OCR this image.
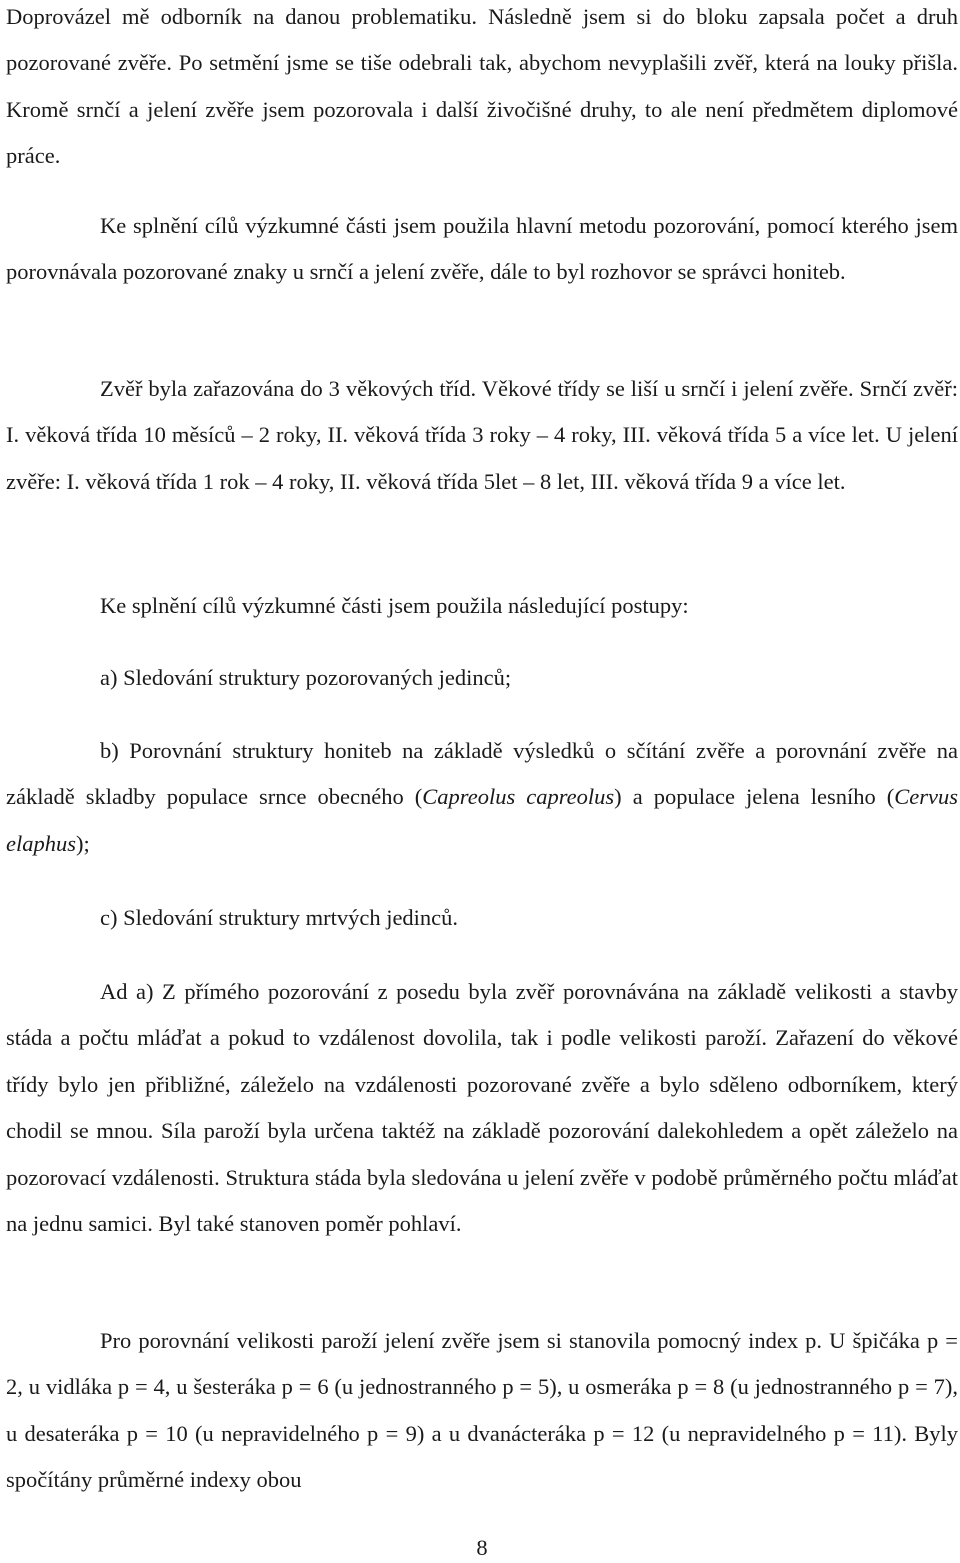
Doprovázel mě odborník na danou problematiku. Následně jsem si do bloku zapsala počet a druh pozorované zvěře. Po setmění jsme se tiše odebrali tak, abychom nevyplašili zvěř, která na louky přišla. Kromě srnčí a jelení zvěře jsem pozorovala i další živočišné druhy, to ale není předmětem diplomové práce.

Ke splnění cílů výzkumné části jsem použila hlavní metodu pozorování, pomocí kterého jsem porovnávala pozorované znaky u srnčí a jelení zvěře, dále to byl rozhovor se správci honiteb.

Zvěř byla zařazována do 3 věkových tříd. Věkové třídy se liší u srnčí i jelení zvěře. Srnčí zvěř: I. věková třída 10 měsíců – 2 roky, II. věková třída 3 roky – 4 roky, III. věková třída 5 a více let. U jelení zvěře: I. věková třída 1 rok – 4 roky, II. věková třída 5let – 8 let, III. věková třída 9 a více let.

Ke splnění cílů výzkumné části jsem použila následující postupy:

a) Sledování struktury pozorovaných jedinců;

b) Porovnání struktury honiteb na základě výsledků o sčítání zvěře a porovnání zvěře na základě skladby populace srnce obecného (Capreolus capreolus) a populace jelena lesního (Cervus elaphus);

c) Sledování struktury mrtvých jedinců.

Ad a) Z přímého pozorování z posedu byla zvěř porovnávána na základě velikosti a stavby stáda a počtu mláďat a pokud to vzdálenost dovolila, tak i podle velikosti paroží. Zařazení do věkové třídy bylo jen přibližné, záleželo na vzdálenosti pozorované zvěře a bylo sděleno odborníkem, který chodil se mnou. Síla paroží byla určena taktéž na základě pozorování dalekohledem a opět záleželo na pozorovací vzdálenosti. Struktura stáda byla sledována u jelení zvěře v podobě průměrného počtu mláďat na jednu samici. Byl také stanoven poměr pohlaví.

Pro porovnání velikosti paroží jelení zvěře jsem si stanovila pomocný index p. U špičáka p = 2, u vidláka p = 4, u šesteráka p = 6 (u jednostranného p = 5), u osmeráka p = 8 (u jednostranného p = 7), u desateráka p = 10 (u nepravidelného p = 9) a u dvanácteráka p = 12 (u nepravidelného p = 11). Byly spočítány průměrné indexy obou

8
